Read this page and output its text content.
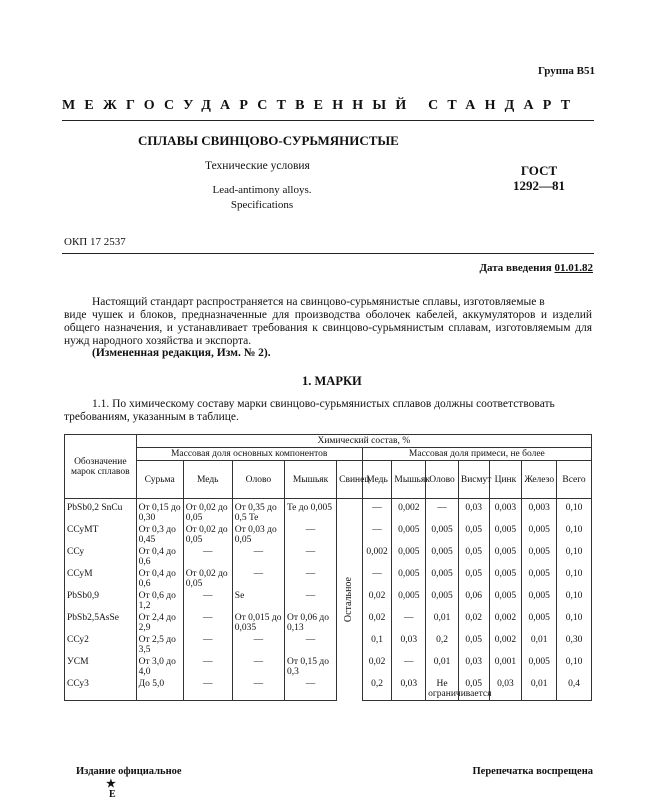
Группа В51
МЕЖГОСУДАРСТВЕННЫЙ СТАНДАРТ
СПЛАВЫ СВИНЦОВО-СУРЬМЯНИСТЫЕ
Технические условия	ГОСТ
1292—81
Lead-antimony alloys.
Specifications
ОКП 17 2537
Дата введения 01.01.82
Настоящий стандарт распространяется на свинцово-сурьмянистые сплавы, изготовляемые в
виде чушек и блоков, предназначенные для производства оболочек кабелей, аккумуляторов и изделий общего назначения, и устанавливает требования к свинцово-сурьмянистым сплавам, изготовляемым для нужд народного хозяйства и экспорта.
(Измененная редакция, Изм. № 2).
1. МАРКИ
1.1. По химическому составу марки свинцово-сурьмянистых сплавов должны соответствовать
требованиям, указанным в таблице.
Обозначение марок сплавов	Химический состав, %											
	Массовая доля основных компонентов					Массовая доля примеси, не более						
	Сурьма	Медь	Олово	Мышьяк	Свинец	Медь	Мышьяк	Олово	Висмут	Цинк	Железо	Всего
PbSb0,2 SnCu	От 0,15 до 0,30	От 0,02 до 0,05	От 0,35 до 0,5 Te	Te до 0,005	Остальное	—	0,002	—	0,03	0,003	0,003	0,10
ССуМТ	От 0,3 до 0,45	От 0,02 до 0,05	От 0,03 до 0,05	—		—	0,005	0,005	0,05	0,005	0,005	0,10
ССу	От 0,4 до 0,6	—	—	—		0,002	0,005	0,005	0,05	0,005	0,005	0,10
ССуМ	От 0,4 до 0,6	От 0,02 до 0,05	—	—		—	0,005	0,005	0,05	0,005	0,005	0,10
PbSb0,9	От 0,6 до 1,2	—	Se	—		0,02	0,005	0,005	0,06	0,005	0,005	0,10
PbSb2,5AsSe	От 2,4 до 2,9	—	От 0,015 до 0,035	От 0,06 до 0,13		0,02	—	0,01	0,02	0,002	0,005	0,10
ССу2	От 2,5 до 3,5	—	—	—		0,1	0,03	0,2	0,05	0,002	0,01	0,30
УСМ	От 3,0 до 4,0	—	—	От 0,15 до 0,3		0,02	—	0,01	0,03	0,001	0,005	0,10
ССу3	До 5,0	—	—	—		0,2	0,03	Не ограничивается	0,05	0,03	0,01	0,4
Издание официальное
★
Е
Перепечатка воспрещена
